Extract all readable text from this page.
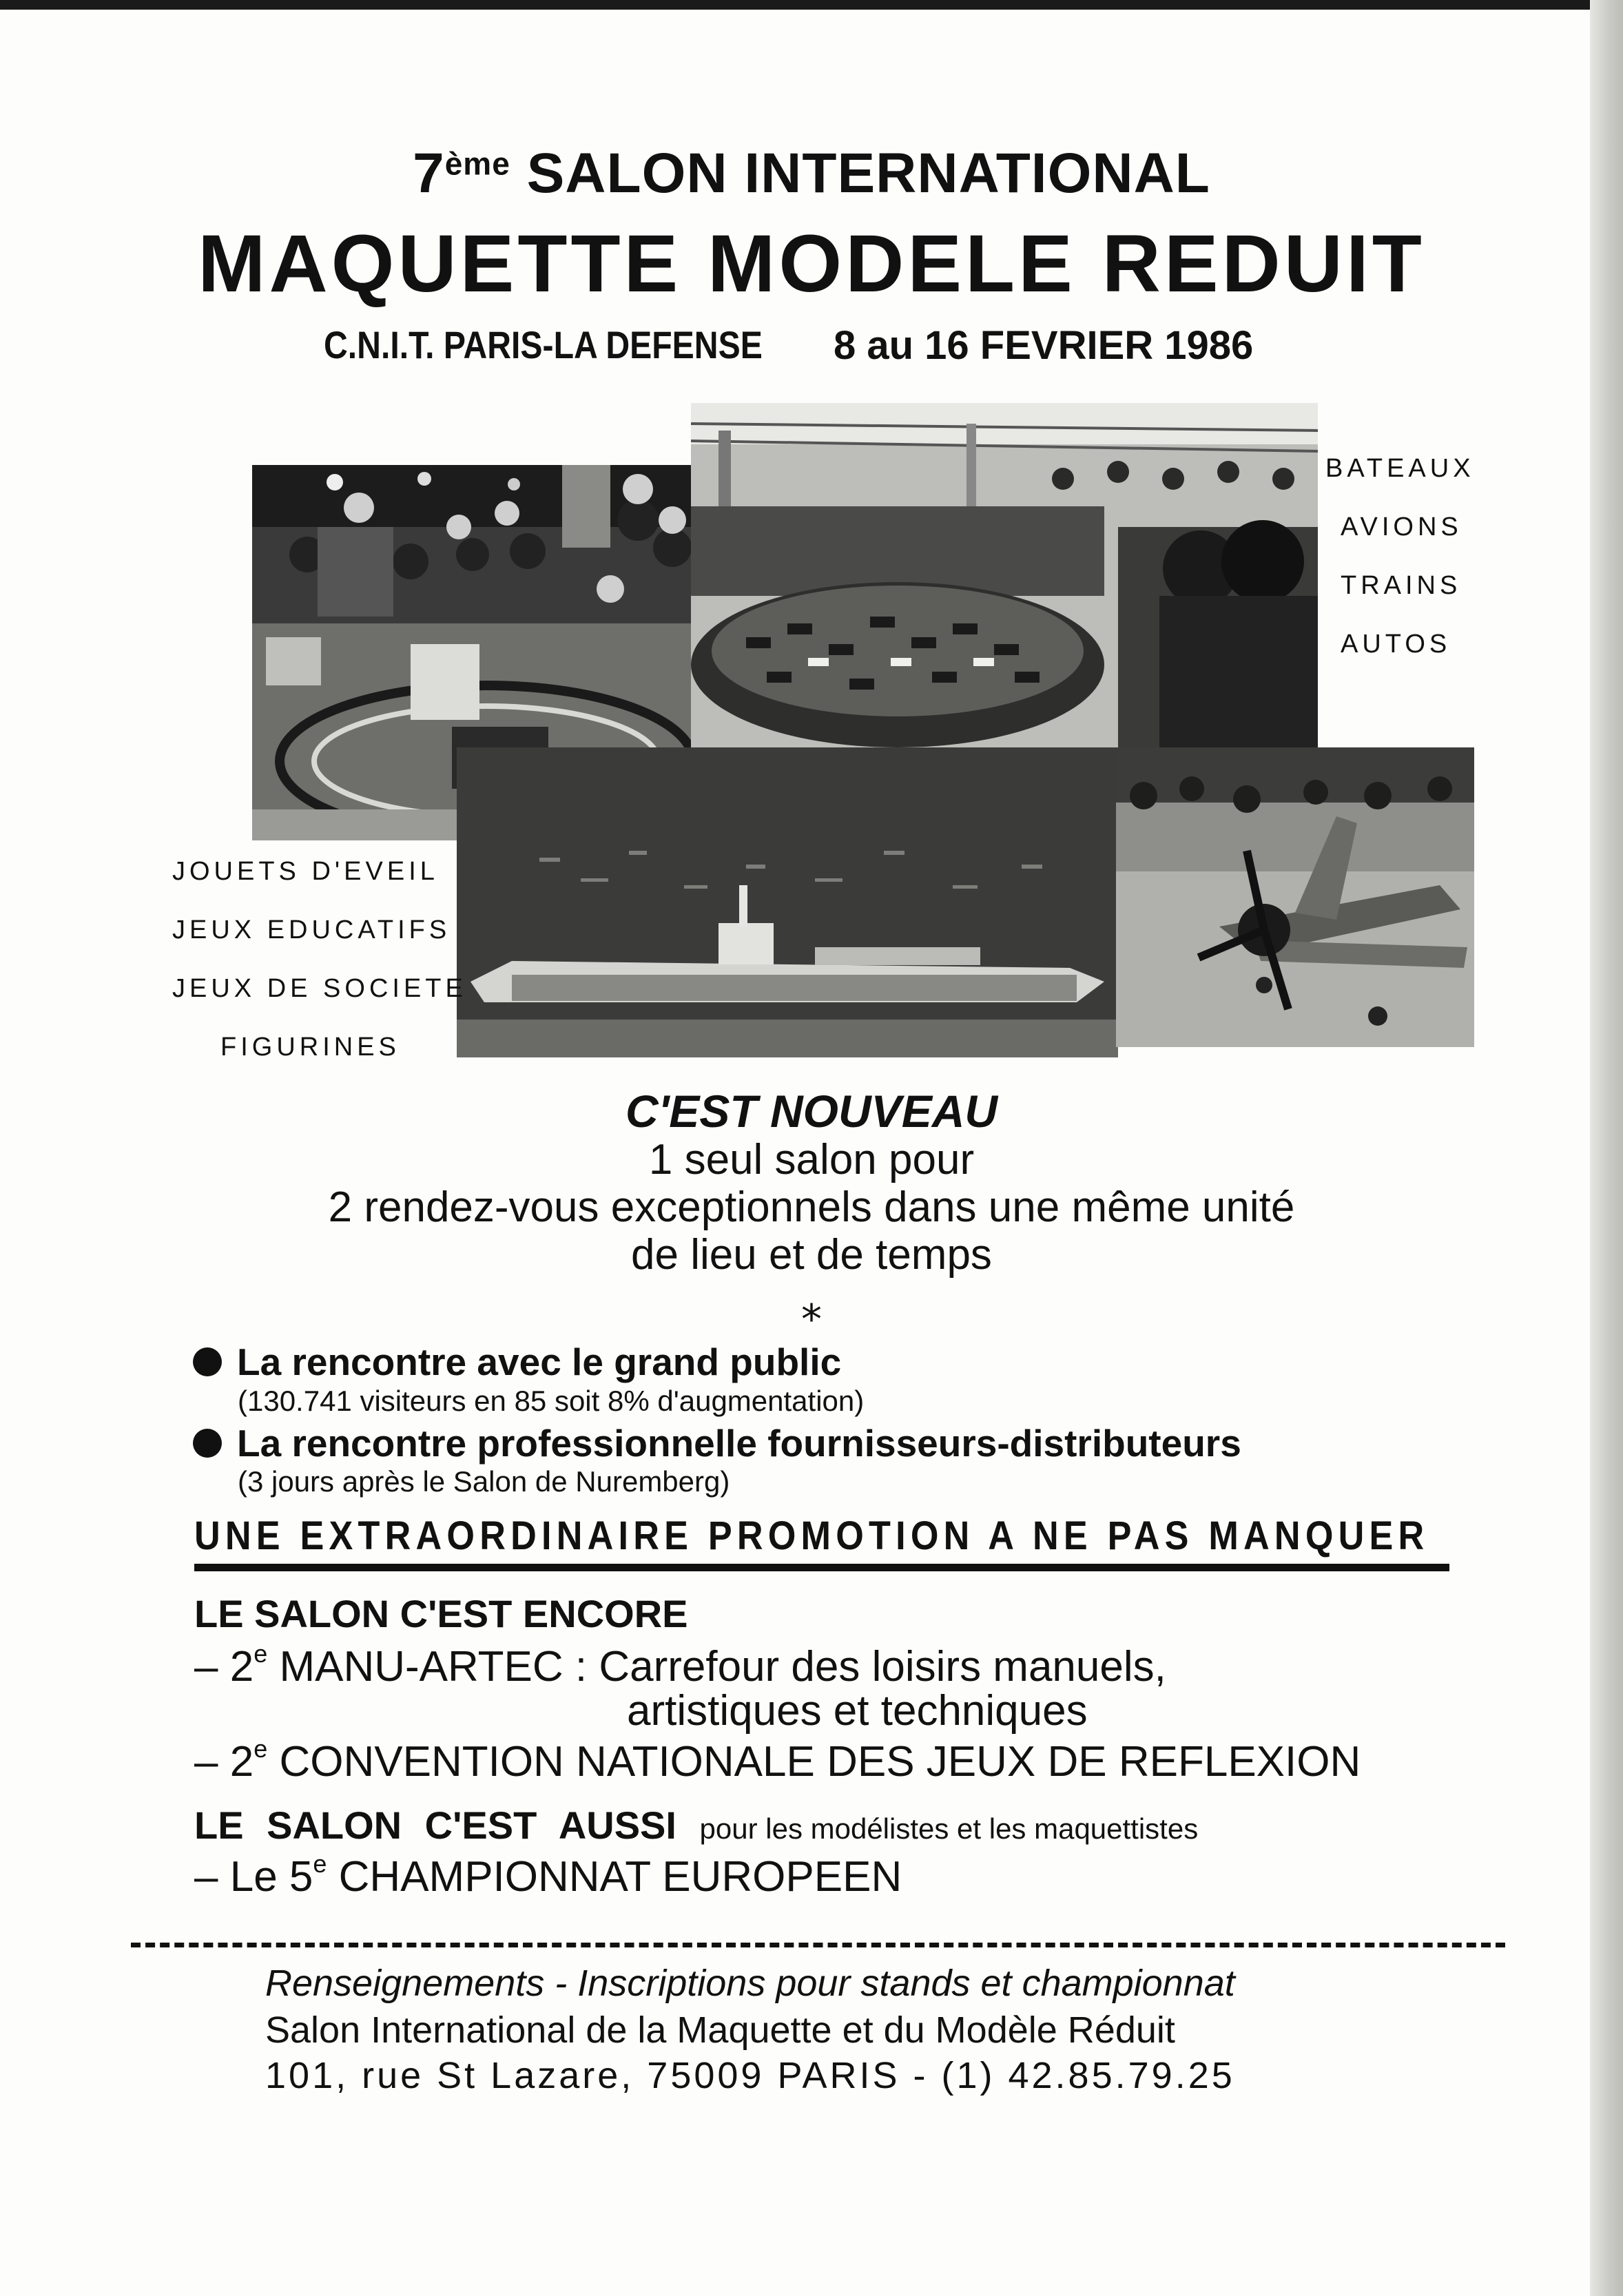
7ème SALON INTERNATIONAL
MAQUETTE MODELE REDUIT
C.N.I.T. PARIS-LA DEFENSE 8 au 16 FEVRIER 1986
BATEAUX
AVIONS
TRAINS
AUTOS
JOUETS D'EVEIL
JEUX EDUCATIFS
JEUX DE SOCIETE
FIGURINES
C'EST NOUVEAU
1 seul salon pour
2 rendez-vous exceptionnels dans une même unité
de lieu et de temps
⁎
La rencontre avec le grand public
(130.741 visiteurs en 85 soit 8% d'augmentation)
La rencontre professionnelle fournisseurs-distributeurs
(3 jours après le Salon de Nuremberg)
UNE EXTRAORDINAIRE PROMOTION A NE PAS MANQUER
LE SALON C'EST ENCORE
– 2e MANU-ARTEC : Carrefour des loisirs manuels,
artistiques et techniques
– 2e CONVENTION NATIONALE DES JEUX DE REFLEXION
LE SALON C'EST AUSSI pour les modélistes et les maquettistes
– Le 5e CHAMPIONNAT EUROPEEN
Renseignements - Inscriptions pour stands et championnat
Salon International de la Maquette et du Modèle Réduit
101, rue St Lazare, 75009 PARIS - (1) 42.85.79.25
